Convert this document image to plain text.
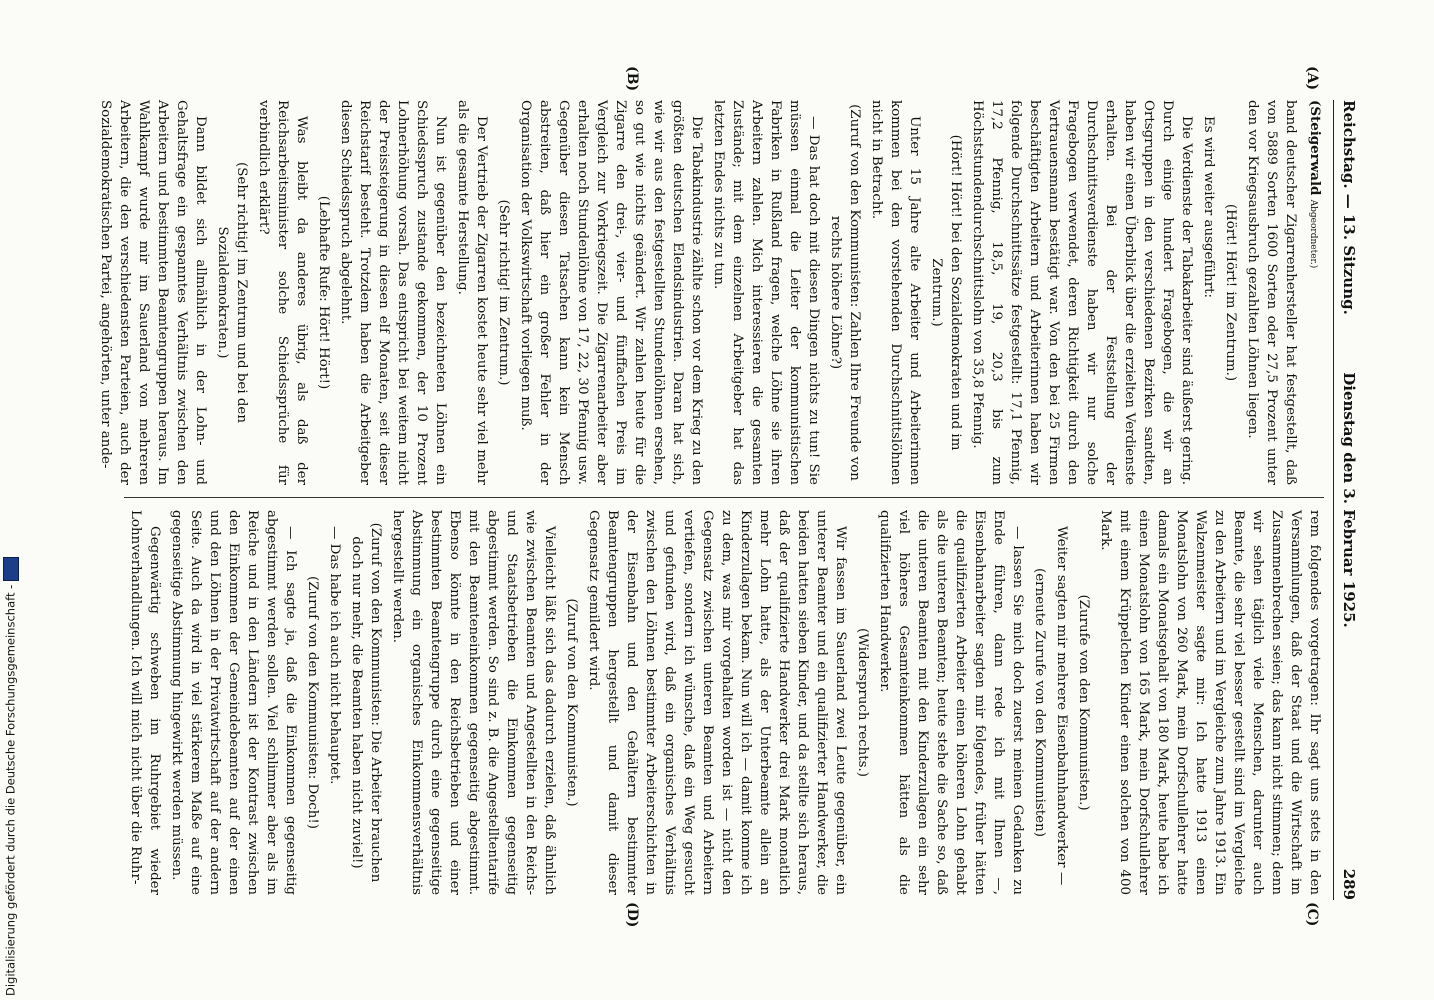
Reichstag. — 13. Sitzung.
Dienstag den 3. Februar 1925.
289
(A)
(B)
(C)
(D)

(Steigerwald Abgeordneter.)

band deutscher Zigarrenhersteller hat festgestellt, daß von 5889 Sorten 1600 Sorten oder 27,5 Prozent unter den vor Kriegsausbruch gezahlten Löhnen liegen.

(Hört! Hört! im Zentrum.)

Es wird weiter ausgeführt:

Die Verdienste der Tabakarbeiter sind äußerst gering. Durch einige hundert Fragebogen, die wir an Ortsgruppen in den verschiedenen Bezirken sandten, haben wir einen Überblick über die erzielten Verdienste erhalten. Bei der Feststellung der Durchschnittsverdienste haben wir nur solche Fragebogen verwendet, deren Richtigkeit durch den Vertrauensmann bestätigt war. Von den bei 25 Firmen beschäftigten Arbeitern und Arbeiterinnen haben wir folgende Durchschnittssätze festgestellt: 17,1 Pfennig, 17,2 Pfennig, 18,5, 19, 20,3 bis zum Höchststundendurchschnittslohn von 35,8 Pfennig.

(Hört! Hört! bei den Sozialdemokraten und im Zentrum.)

Unter 15 Jahre alte Arbeiter und Arbeiterinnen kommen bei den vorstehenden Durchschnittslöhnen nicht in Betracht.

(Zuruf von den Kommunisten: Zahlen Ihre Freunde von rechts höhere Löhne?)

— Das hat doch mit diesen Dingen nichts zu tun! Sie müssen einmal die Leiter der kommunistischen Fabriken in Rußland fragen, welche Löhne sie ihren Arbeitern zahlen. Mich interessieren die gesamten Zustände; mit dem einzelnen Arbeitgeber hat das letzten Endes nichts zu tun.

Die Tabakindustrie zählte schon vor dem Krieg zu den größten deutschen Elendsindustrien. Daran hat sich, wie wir aus den festgestellten Stundenlöhnen ersehen, so gut wie nichts geändert. Wir zahlen heute für die Zigarre den drei-, vier- und fünffachen Preis im Vergleich zur Vorkriegszeit. Die Zigarrenarbeiter aber erhalten noch Stundenlöhne von 17, 22, 30 Pfennig usw. Gegenüber diesen Tatsachen kann kein Mensch abstreiten, daß hier ein großer Fehler in der Organisation der Volkswirtschaft vorliegen muß.

(Sehr richtig! im Zentrum.)

Der Vertrieb der Zigarren kostet heute sehr viel mehr als die gesamte Herstellung.

Nun ist gegenüber den bezeichneten Löhnen ein Schiedsspruch zustande gekommen, der 10 Prozent Lohnerhöhung vorsah. Das entspricht bei weitem nicht der Preissteigerung in diesen elf Monaten, seit dieser Reichstarif besteht. Trotzdem haben die Arbeitgeber diesen Schiedsspruch abgelehnt.

(Lebhafte Rufe: Hört! Hört!)

Was bleibt da anderes übrig, als daß der Reichsarbeitsminister solche Schiedssprüche für verbindlich erklärt?

(Sehr richtig! im Zentrum und bei den Sozialdemokraten.)

Dann bildet sich allmählich in der Lohn- und Gehaltsfrage ein gespanntes Verhältnis zwischen den Arbeitern und bestimmten Beamtengruppen heraus. Im Wahlkampf wurde mir im Sauerland von mehreren Arbeitern, die den verschiedensten Parteien, auch der Sozialdemokratischen Partei, angehörten, unter ande-

rem folgendes vorgetragen: Ihr sagt uns stets in den Versammlungen, daß der Staat und die Wirtschaft im Zusammenbrechen seien; das kann nicht stimmen; denn wir sehen täglich viele Menschen, darunter auch Beamte, die sehr viel besser gestellt sind im Vergleiche zu den Arbeitern und im Vergleiche zum Jahre 1913. Ein Walzenmeister sagte mir: Ich hatte 1913 einen Monatslohn von 260 Mark, mein Dorfschullehrer hatte damals ein Monatsgehalt von 180 Mark, heute habe ich einen Monatslohn von 165 Mark, mein Dorfschullehrer mit einem Krüppelchen Kinder einen solchen von 400 Mark.

(Zurufe von den Kommunisten.)

Weiter sagten mir mehrere Eisenbahnhandwerker —

(erneute Zurufe von den Kommunisten)

— lassen Sie mich doch zuerst meinen Gedanken zu Ende führen, dann rede ich mit Ihnen —, Eisenbahnarbeiter sagten mir folgendes, früher hätten die qualifizierten Arbeiter einen höheren Lohn gehabt als die unteren Beamten; heute stehe die Sache so, daß die unteren Beamten mit den Kinderzulagen ein sehr viel höheres Gesamteinkommen hätten als die qualifizierten Handwerker.

(Widerspruch rechts.)

Wir fassen im Sauerland zwei Leute gegenüber, ein unterer Beamter und ein qualifizierter Handwerker, die beiden hatten sieben Kinder, und da stellte sich heraus, daß der qualifizierte Handwerker drei Mark monatlich mehr Lohn hatte, als der Unterbeamte allein an Kinderzulagen bekam. Nun will ich — damit komme ich zu dem, was mir vorgehalten worden ist — nicht den Gegensatz zwischen unteren Beamten und Arbeitern vertiefen, sondern ich wünsche, daß ein Weg gesucht und gefunden wird, daß ein organisches Verhältnis zwischen den Löhnen bestimmter Arbeiterschichten in der Eisenbahn und den Gehältern bestimmter Beamtengruppen hergestellt und damit dieser Gegensatz gemildert wird.

(Zuruf von den Kommunisten.)

Vielleicht läßt sich das dadurch erzielen, daß ähnlich wie zwischen Beamten und Angestellten in den Reichs- und Staatsbetrieben die Einkommen gegenseitig abgestimmt werden. So sind z. B. die Angestelltentarife mit den Beamteneinkommen gegenseitig abgestimmt. Ebenso könnte in den Reichsbetrieben und einer bestimmten Beamtengruppe durch eine gegenseitige Abstimmung ein organisches Einkommensverhältnis hergestellt werden.

(Zuruf von den Kommunisten: Die Arbeiter brauchen doch nur mehr, die Beamten haben nicht zuviel!)

— Das habe ich auch nicht behauptet.

(Zuruf von den Kommunisten: Doch!)

— Ich sagte ja, daß die Einkommen gegenseitig abgestimmt werden sollen. Viel schlimmer aber als im Reiche und in den Ländern ist der Kontrast zwischen den Einkommen der Gemeindebeamten auf der einen und den Löhnen in der Privatwirtschaft auf der andern Seite. Auch da wird in viel stärkerem Maße auf eine gegenseitige Abstimmung hingewirkt werden müssen.

Gegenwärtig schweben im Ruhrgebiet wieder Lohnverhandlungen. Ich will mich nicht über die Ruhr-

Digitalisierung gefördert durch die Deutsche Forschungsgemeinschaft -
